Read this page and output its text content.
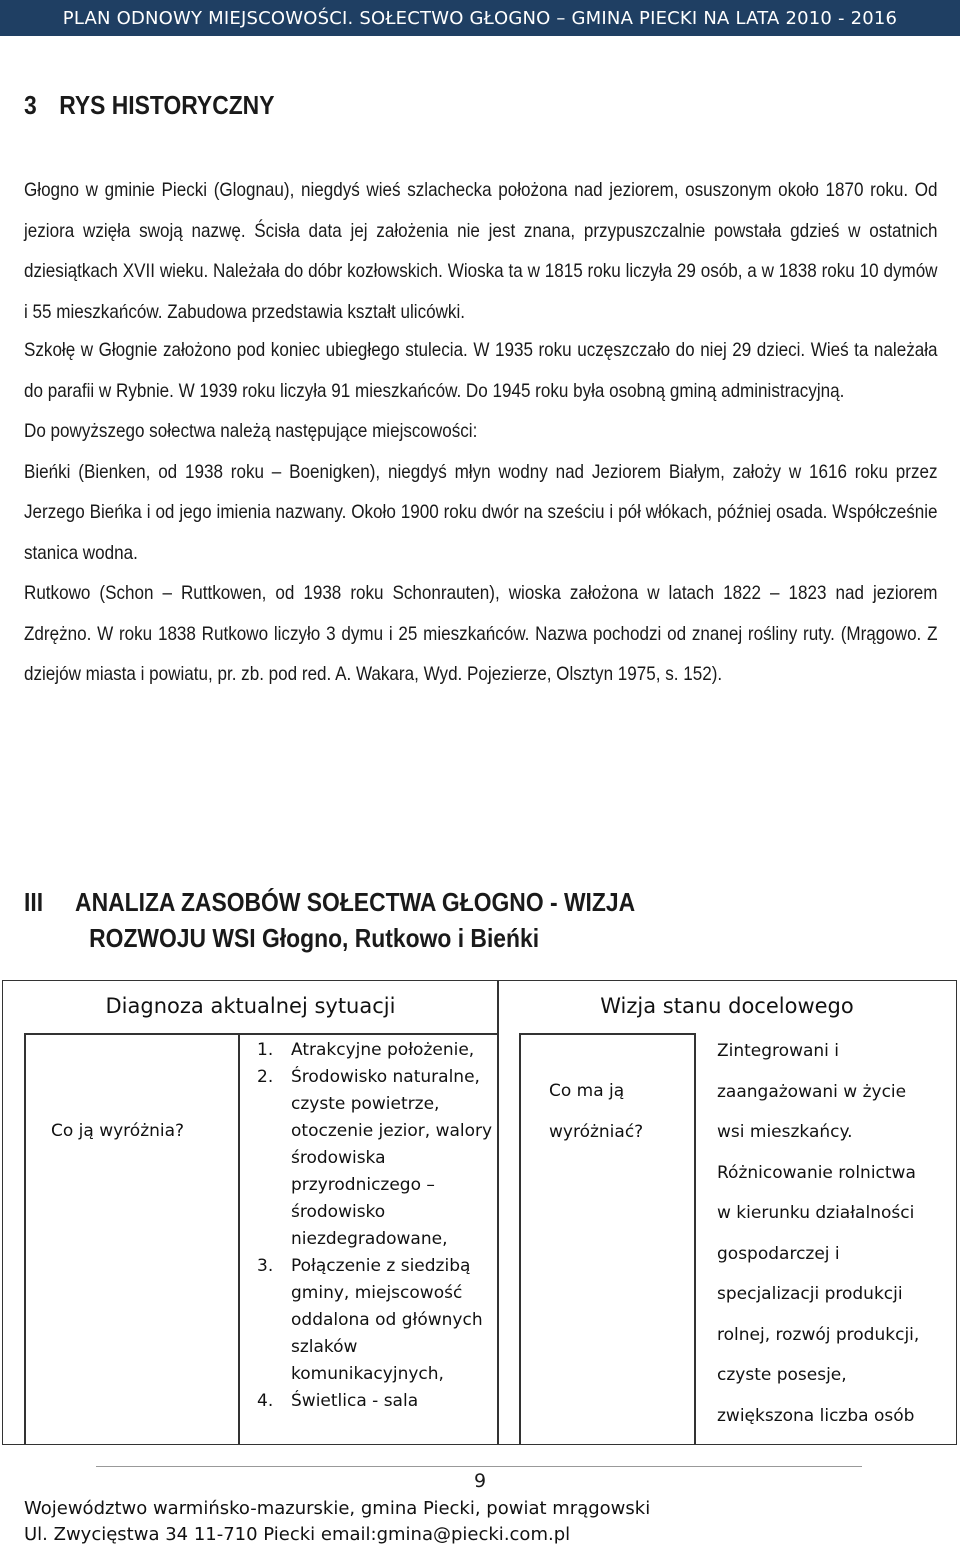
PLAN ODNOWY MIEJSCOWOŚCI. SOŁECTWO GŁOGNO – GMINA PIECKI NA LATA 2010 - 2016
3 RYS HISTORYCZNY

Głogno w gminie Piecki (Glognau), niegdyś wieś szlachecka położona nad jeziorem, osuszonym około 1870 roku. Od jeziora wzięła swoją nazwę. Ścisła data jej założenia nie jest znana, przypuszczalnie powstała gdzieś w ostatnich dziesiątkach XVII wieku. Należała do dóbr kozłowskich. Wioska ta w 1815 roku liczyła 29 osób, a w 1838 roku 10 dymów i 55 mieszkańców. Zabudowa przedstawia kształt ulicówki.

Szkołę w Głognie założono pod koniec ubiegłego stulecia. W 1935 roku uczęszczało do niej 29 dzieci. Wieś ta należała do parafii w Rybnie. W 1939 roku liczyła 91 mieszkańców. Do 1945 roku była osobną gminą administracyjną.

Do powyższego sołectwa należą następujące miejscowości:

Bieńki (Bienken, od 1938 roku – Boenigken), niegdyś młyn wodny nad Jeziorem Białym, założy w 1616 roku przez Jerzego Bieńka i od jego imienia nazwany. Około 1900 roku dwór na sześciu i pół włókach, później osada. Współcześnie stanica wodna.

Rutkowo (Schon – Ruttkowen, od 1938 roku Schonrauten), wioska założona w latach 1822 – 1823 nad jeziorem Zdrężno. W roku 1838 Rutkowo liczyło 3 dymu i 25 mieszkańców. Nazwa pochodzi od znanej rośliny ruty. (Mrągowo. Z dziejów miasta i powiatu, pr. zb. pod red. A. Wakara, Wyd. Pojezierze, Olsztyn 1975, s. 152).

III ANALIZA ZASOBÓW SOŁECTWA GŁOGNO - WIZJA
ROZWOJU WSI Głogno, Rutkowo i Bieńki
Diagnoza aktualnej sytuacji	Wizja stanu docelowego
Co ją wyróżnia?
1. Atrakcyjne położenie,
2. Środowisko naturalne, czyste powietrze, otoczenie jezior, walory środowiska przyrodniczego – środowisko niezdegradowane,
3. Połączenie z siedzibą gminy, miejscowość oddalona od głównych szlaków komunikacyjnych,
4. Świetlica - sala
Co ma ją
wyróżniać?
Zintegrowani i
zaangażowani w życie
wsi mieszkańcy.
Różnicowanie rolnictwa
w kierunku działalności
gospodarczej i
specjalizacji produkcji
rolnej, rozwój produkcji,
czyste posesje,
zwiększona liczba osób
9
Województwo warmińsko-mazurskie, gmina Piecki, powiat mrągowski
Ul. Zwycięstwa 34 11-710 Piecki email:gmina@piecki.com.pl
